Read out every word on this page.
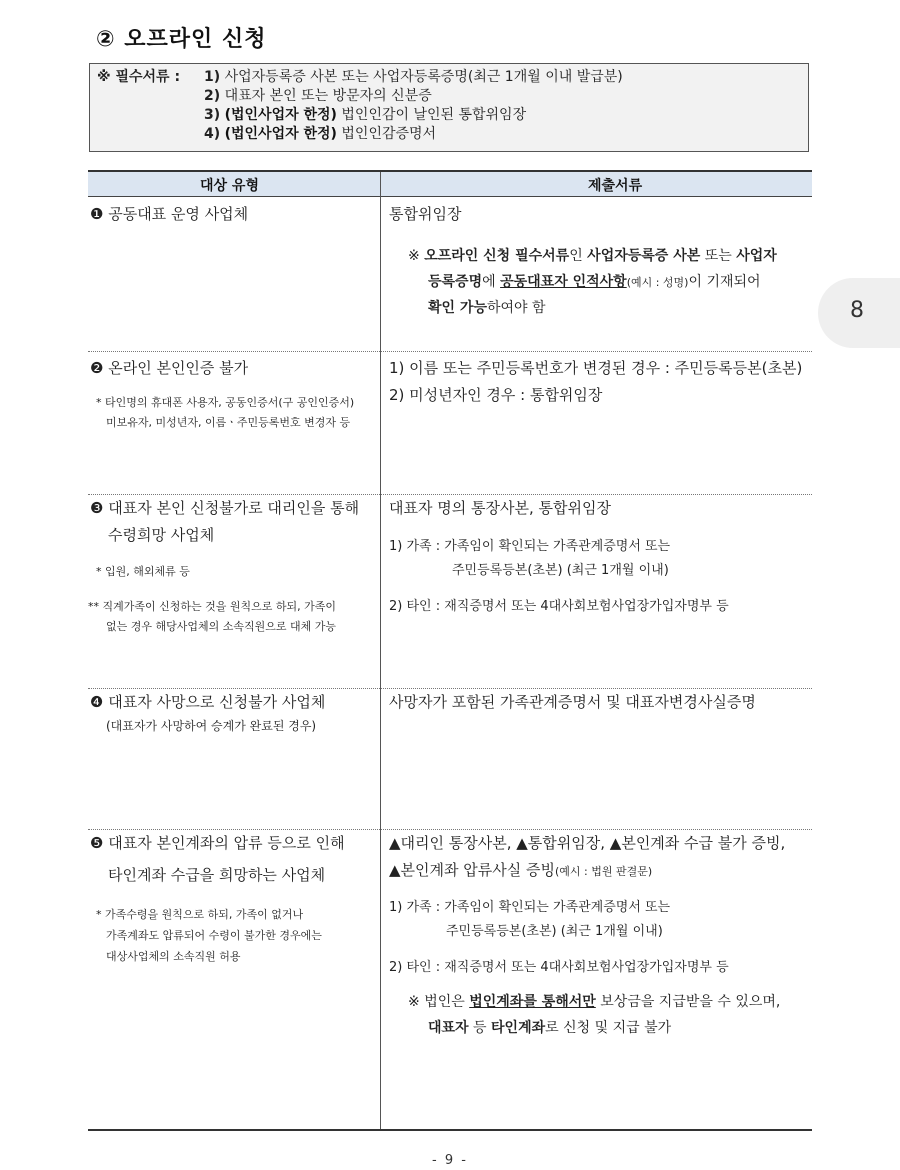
② 오프라인 신청
※ 필수서류 : 1) 사업자등록증 사본 또는 사업자등록증명(최근 1개월 이내 발급분)
2) 대표자 본인 또는 방문자의 신분증
3) (법인사업자 한정) 법인인감이 날인된 통합위임장
4) (법인사업자 한정) 법인인감증명서
대상 유형	제출서류
❶ 공동대표 운영 사업체	통합위임장
※ 오프라인 신청 필수서류인 사업자등록증 사본 또는 사업자
등록증명에 공동대표자 인적사항(예시 : 성명)이 기재되어
확인 가능하여야 함
❷ 온라인 본인인증 불가
* 타인명의 휴대폰 사용자, 공동인증서(구 공인인증서)
미보유자, 미성년자, 이름ㆍ주민등록번호 변경자 등
1) 이름 또는 주민등록번호가 변경된 경우 : 주민등록등본(초본)
2) 미성년자인 경우 : 통합위임장
❸ 대표자 본인 신청불가로 대리인을 통해
수령희망 사업체
* 입원, 해외체류 등
** 직계가족이 신청하는 것을 원칙으로 하되, 가족이
없는 경우 해당사업체의 소속직원으로 대체 가능
대표자 명의 통장사본, 통합위임장
1) 가족 : 가족임이 확인되는 가족관계증명서 또는
주민등록등본(초본) (최근 1개월 이내)
2) 타인 : 재직증명서 또는 4대사회보험사업장가입자명부 등
❹ 대표자 사망으로 신청불가 사업체
(대표자가 사망하여 승계가 완료된 경우)
사망자가 포함된 가족관계증명서 및 대표자변경사실증명
❺ 대표자 본인계좌의 압류 등으로 인해
타인계좌 수급을 희망하는 사업체
* 가족수령을 원칙으로 하되, 가족이 없거나
가족계좌도 압류되어 수령이 불가한 경우에는
대상사업체의 소속직원 허용
▲대리인 통장사본, ▲통합위임장, ▲본인계좌 수급 불가 증빙,
▲본인계좌 압류사실 증빙(예시 : 법원 판결문)
1) 가족 : 가족임이 확인되는 가족관계증명서 또는
주민등록등본(초본) (최근 1개월 이내)
2) 타인 : 재직증명서 또는 4대사회보험사업장가입자명부 등
※ 법인은 법인계좌를 통해서만 보상금을 지급받을 수 있으며,
대표자 등 타인계좌로 신청 및 지급 불가
8
- 9 -
